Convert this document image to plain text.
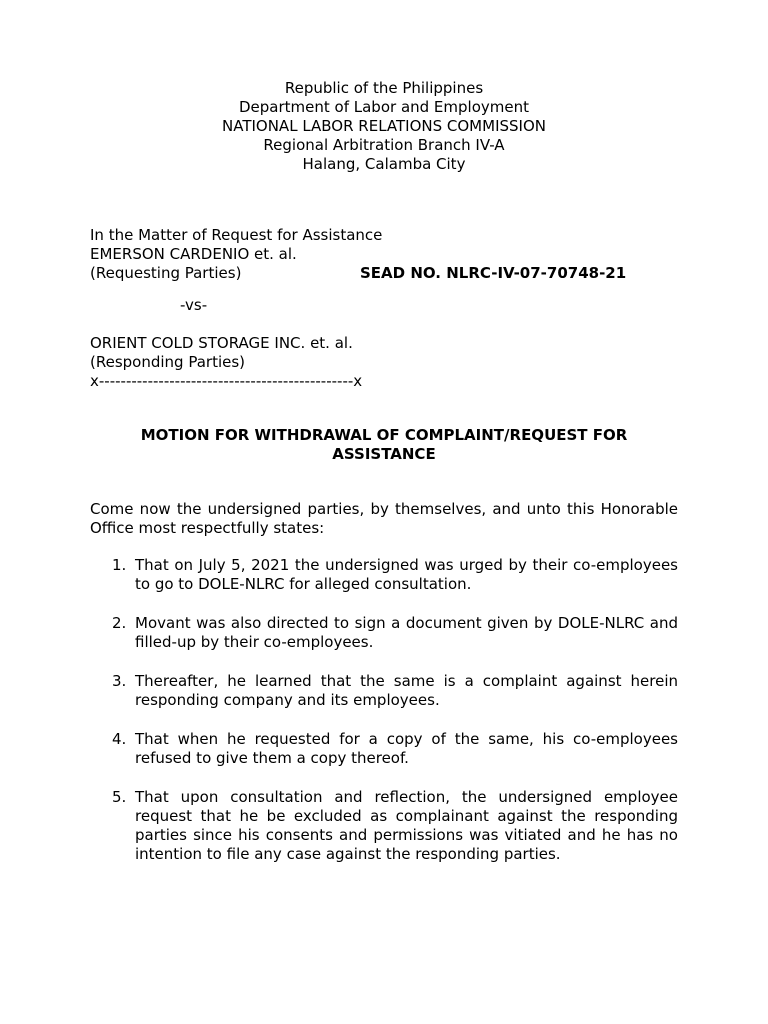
Republic of the Philippines
Department of Labor and Employment
NATIONAL LABOR RELATIONS COMMISSION
Regional Arbitration Branch IV-A
Halang, Calamba City
In the Matter of Request for Assistance
EMERSON CARDENIO et. al.
(Requesting Parties)	SEAD NO. NLRC-IV-07-70748-21
-vs-
ORIENT COLD STORAGE INC. et. al.
(Responding Parties)
x-----------------------------------------------x
MOTION FOR WITHDRAWAL OF COMPLAINT/REQUEST FOR
ASSISTANCE
Come now the undersigned parties, by themselves, and unto this Honorable Office most respectfully states:
1. That on July 5, 2021 the undersigned was urged by their co-employees to go to DOLE-NLRC for alleged consultation.
2. Movant was also directed to sign a document given by DOLE-NLRC and filled-up by their co-employees.
3. Thereafter, he learned that the same is a complaint against herein responding company and its employees.
4. That when he requested for a copy of the same, his co-employees refused to give them a copy thereof.
5. That upon consultation and reflection, the undersigned employee request that he be excluded as complainant against the responding parties since his consents and permissions was vitiated and he has no intention to file any case against the responding parties.
